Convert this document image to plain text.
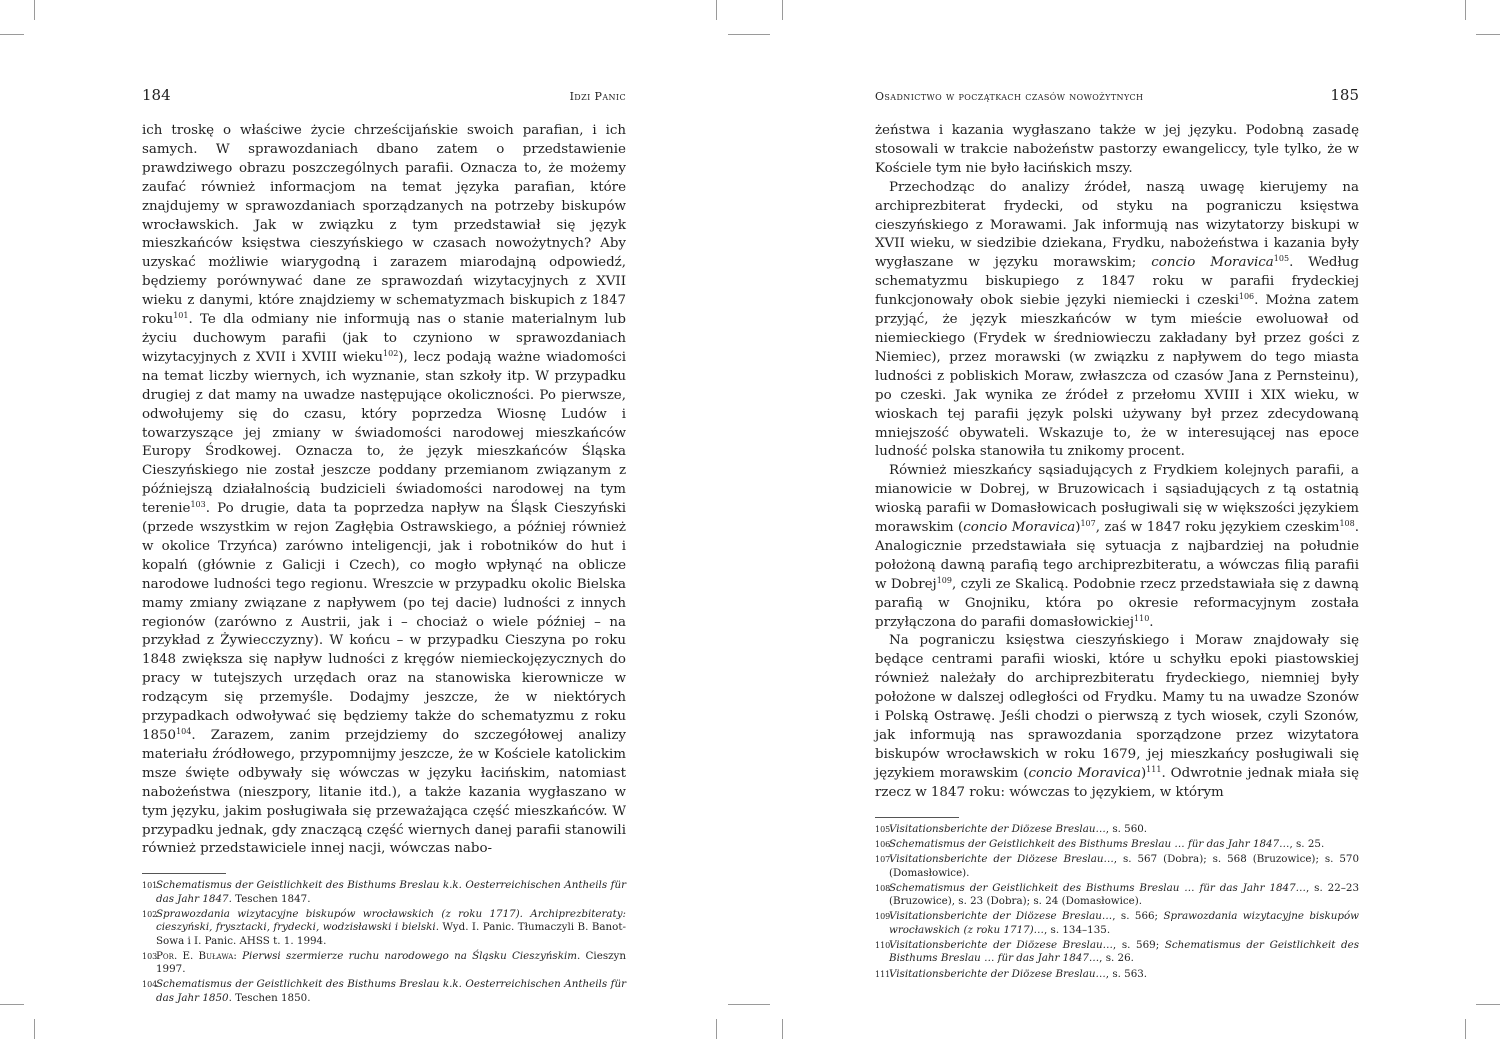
184	Idzi Panic

ich troskę o właściwe życie chrześcijańskie swoich parafian, i ich samych. W sprawozdaniach dbano zatem o przedstawienie prawdziwego obrazu poszczególnych parafii. Oznacza to, że możemy zaufać również informacjom na temat języka parafian, które znajdujemy w sprawozdaniach sporządzanych na potrzeby biskupów wrocławskich. Jak w związku z tym przedstawiał się język mieszkańców księstwa cieszyńskiego w czasach nowożytnych? Aby uzyskać możliwie wiarygodną i zarazem miarodajną odpowiedź, będziemy porównywać dane ze sprawozdań wizytacyjnych z XVII wieku z danymi, które znajdziemy w schematyzmach biskupich z 1847 roku$^{101}$. Te dla odmiany nie informują nas o stanie materialnym lub życiu duchowym parafii (jak to czyniono w sprawozdaniach wizytacyjnych z XVII i XVIII wieku$^{102}$), lecz podają ważne wiadomości na temat liczby wiernych, ich wyznanie, stan szkoły itp. W przypadku drugiej z dat mamy na uwadze następujące okoliczności. Po pierwsze, odwołujemy się do czasu, który poprzedza Wiosnę Ludów i towarzyszące jej zmiany w świadomości narodowej mieszkańców Europy Środkowej. Oznacza to, że język mieszkańców Śląska Cieszyńskiego nie został jeszcze poddany przemianom związanym z późniejszą działalnością budzicieli świadomości narodowej na tym terenie$^{103}$. Po drugie, data ta poprzedza napływ na Śląsk Cieszyński (przede wszystkim w rejon Zagłębia Ostrawskiego, a później również w okolice Trzyńca) zarówno inteligencji, jak i robotników do hut i kopalń (głównie z Galicji i Czech), co mogło wpłynąć na oblicze narodowe ludności tego regionu. Wreszcie w przypadku okolic Bielska mamy zmiany związane z napływem (po tej dacie) ludności z innych regionów (zarówno z Austrii, jak i – chociaż o wiele później – na przykład z Żywiecczyzny). W końcu – w przypadku Cieszyna po roku 1848 zwiększa się napływ ludności z kręgów niemieckojęzycznych do pracy w tutejszych urzędach oraz na stanowiska kierownicze w rodzącym się przemyśle. Dodajmy jeszcze, że w niektórych przypadkach odwoływać się będziemy także do schematyzmu z roku 1850$^{104}$. Zarazem, zanim przejdziemy do szczegółowej analizy materiału źródłowego, przypomnijmy jeszcze, że w Kościele katolickim msze święte odbywały się wówczas w języku łacińskim, natomiast nabożeństwa (nieszpory, litanie itd.), a także kazania wygłaszano w tym języku, jakim posługiwała się przeważająca część mieszkańców. W przypadku jednak, gdy znaczącą część wiernych danej parafii stanowili również przedstawiciele innej nacji, wówczas nabo-

101Schematismus der Geistlichkeit des Bisthums Breslau k.k. Oesterreichischen Antheils für das Jahr 1847. Teschen 1847.
102Sprawozdania wizytacyjne biskupów wrocławskich (z roku 1717). Archiprezbiteraty: cieszyński, frysztacki, frydecki, wodzisławski i bielski. Wyd. I. Panic. Tłumaczyli B. Banot-Sowa i I. Panic. AHSS t. 1. 1994.
103Por. E. Buława: Pierwsi szermierze ruchu narodowego na Śląsku Cieszyńskim. Cieszyn 1997.
104Schematismus der Geistlichkeit des Bisthums Breslau k.k. Oesterreichischen Antheils für das Jahr 1850. Teschen 1850.
Osadnictwo w początkach czasów nowożytnych	185

żeństwa i kazania wygłaszano także w jej języku. Podobną zasadę stosowali w trakcie nabożeństw pastorzy ewangeliccy, tyle tylko, że w Kościele tym nie było łacińskich mszy.

Przechodząc do analizy źródeł, naszą uwagę kierujemy na archiprezbiterat frydecki, od styku na pograniczu księstwa cieszyńskiego z Morawami. Jak informują nas wizytatorzy biskupi w XVII wieku, w siedzibie dziekana, Frydku, nabożeństwa i kazania były wygłaszane w języku morawskim; concio Moravica$^{105}$. Według schematyzmu biskupiego z 1847 roku w parafii frydeckiej funkcjonowały obok siebie języki niemiecki i czeski$^{106}$. Można zatem przyjąć, że język mieszkańców w tym mieście ewoluował od niemieckiego (Frydek w średniowieczu zakładany był przez gości z Niemiec), przez morawski (w związku z napływem do tego miasta ludności z pobliskich Moraw, zwłaszcza od czasów Jana z Pernsteinu), po czeski. Jak wynika ze źródeł z przełomu XVIII i XIX wieku, w wioskach tej parafii język polski używany był przez zdecydowaną mniejszość obywateli. Wskazuje to, że w interesującej nas epoce ludność polska stanowiła tu znikomy procent.

Również mieszkańcy sąsiadujących z Frydkiem kolejnych parafii, a mianowicie w Dobrej, w Bruzowicach i sąsiadujących z tą ostatnią wioską parafii w Domasłowicach posługiwali się w większości językiem morawskim (concio Moravica)$^{107}$, zaś w 1847 roku językiem czeskim$^{108}$. Analogicznie przedstawiała się sytuacja z najbardziej na południe położoną dawną parafią tego archiprezbiteratu, a wówczas filią parafii w Dobrej$^{109}$, czyli ze Skalicą. Podobnie rzecz przedstawiała się z dawną parafią w Gnojniku, która po okresie reformacyjnym została przyłączona do parafii domasłowickiej$^{110}$.

Na pograniczu księstwa cieszyńskiego i Moraw znajdowały się będące centrami parafii wioski, które u schyłku epoki piastowskiej również należały do archiprezbiteratu frydeckiego, niemniej były położone w dalszej odległości od Frydku. Mamy tu na uwadze Szonów i Polską Ostrawę. Jeśli chodzi o pierwszą z tych wiosek, czyli Szonów, jak informują nas sprawozdania sporządzone przez wizytatora biskupów wrocławskich w roku 1679, jej mieszkańcy posługiwali się językiem morawskim (concio Moravica)$^{111}$. Odwrotnie jednak miała się rzecz w 1847 roku: wówczas to językiem, w którym

105Visitationsberichte der Diözese Breslau…, s. 560.
106Schematismus der Geistlichkeit des Bisthums Breslau … für das Jahr 1847…, s. 25.
107Visitationsberichte der Diözese Breslau…, s. 567 (Dobra); s. 568 (Bruzowice); s. 570 (Domasłowice).
108Schematismus der Geistlichkeit des Bisthums Breslau … für das Jahr 1847…, s. 22–23 (Bruzowice), s. 23 (Dobra); s. 24 (Domasłowice).
109Visitationsberichte der Diözese Breslau…, s. 566; Sprawozdania wizytacyjne biskupów wrocławskich (z roku 1717)…, s. 134–135.
110Visitationsberichte der Diözese Breslau…, s. 569; Schematismus der Geistlichkeit des Bisthums Breslau … für das Jahr 1847…, s. 26.
111Visitationsberichte der Diözese Breslau…, s. 563.
